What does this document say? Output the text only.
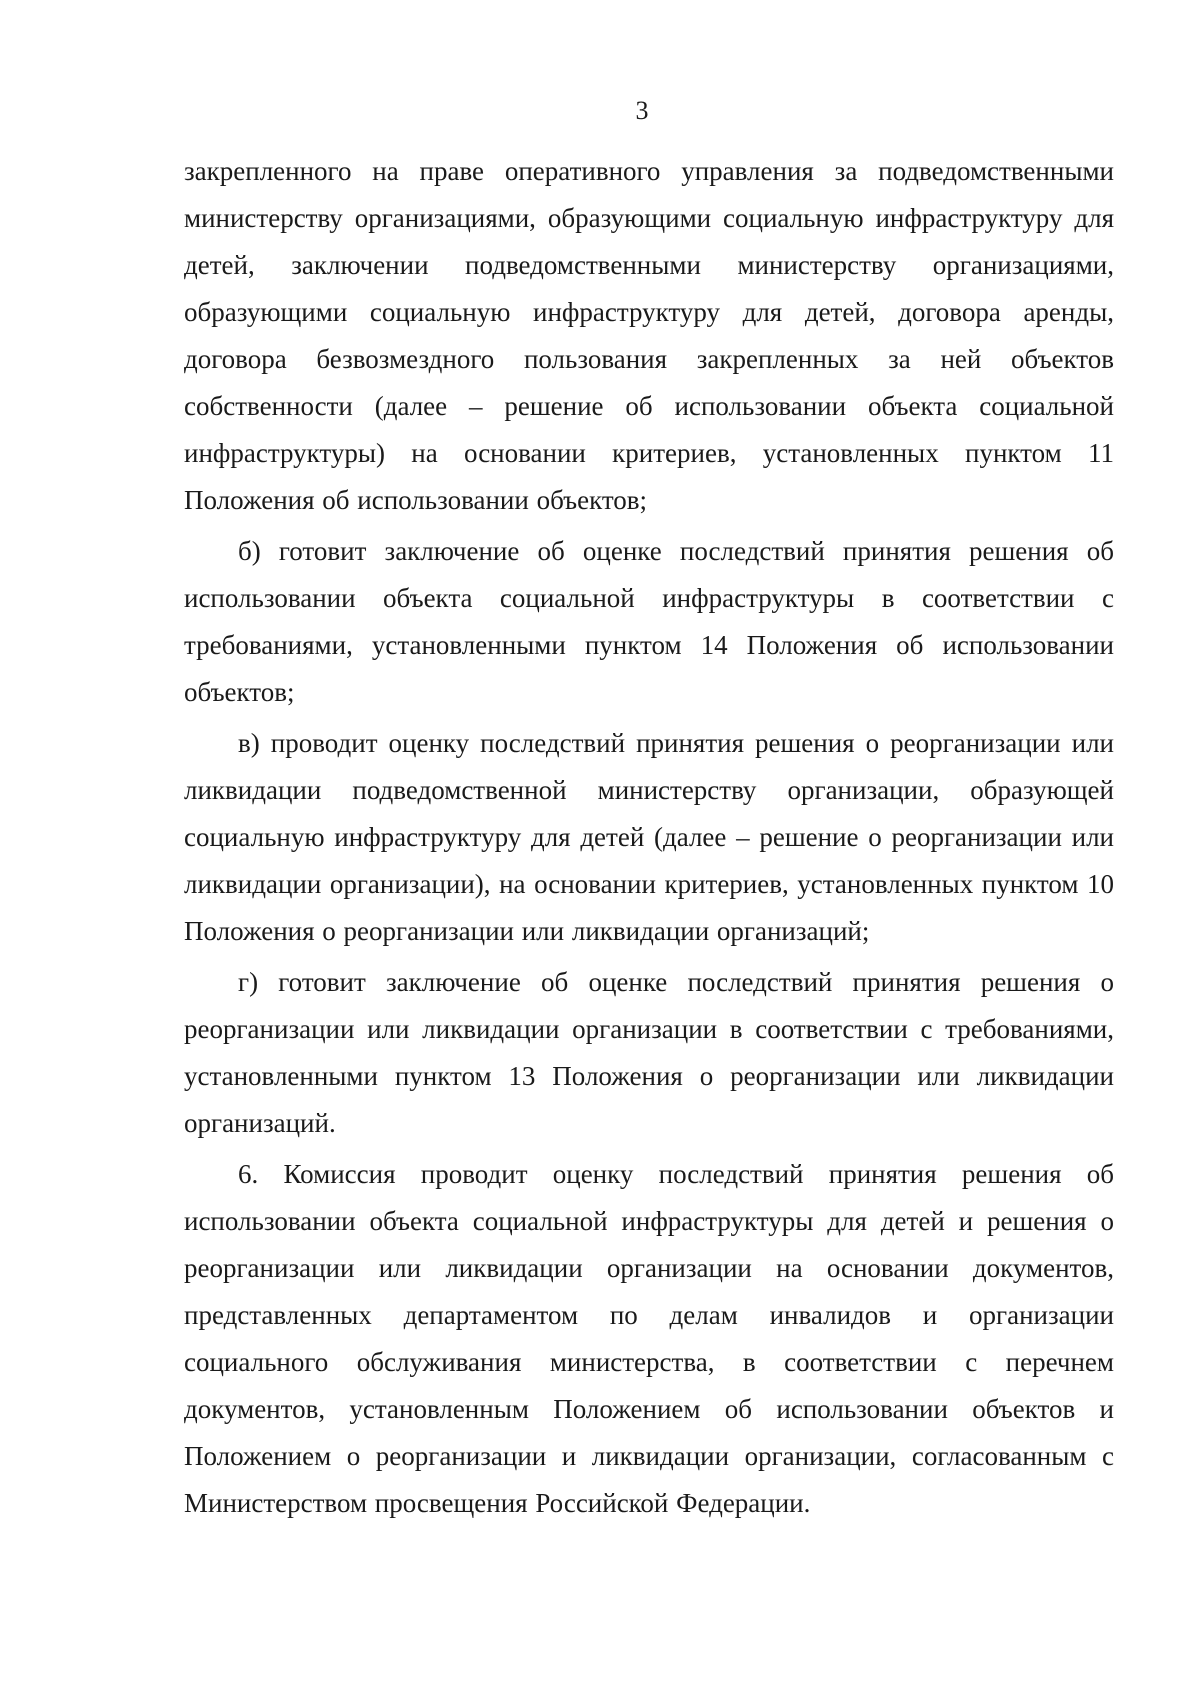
3

закрепленного на праве оперативного управления за подведомственными министерству организациями, образующими социальную инфраструктуру для детей, заключении подведомственными министерству организациями, образующими социальную инфраструктуру для детей, договора аренды, договора безвозмездного пользования закрепленных за ней объектов собственности (далее – решение об использовании объекта социальной инфраструктуры) на основании критериев, установленных пунктом 11 Положения об использовании объектов;

б) готовит заключение об оценке последствий принятия решения об использовании объекта социальной инфраструктуры в соответствии с требованиями, установленными пунктом 14 Положения об использовании объектов;

в) проводит оценку последствий принятия решения о реорганизации или ликвидации подведомственной министерству организации, образующей социальную инфраструктуру для детей (далее – решение о реорганизации или ликвидации организации), на основании критериев, установленных пунктом 10 Положения о реорганизации или ликвидации организаций;

г) готовит заключение об оценке последствий принятия решения о реорганизации или ликвидации организации в соответствии с требованиями, установленными пунктом 13 Положения о реорганизации или ликвидации организаций.

6. Комиссия проводит оценку последствий принятия решения об использовании объекта социальной инфраструктуры для детей и решения о реорганизации или ликвидации организации на основании документов, представленных департаментом по делам инвалидов и организации социального обслуживания министерства, в соответствии с перечнем документов, установленным Положением об использовании объектов и Положением о реорганизации и ликвидации организации, согласованным с Министерством просвещения Российской Федерации.
